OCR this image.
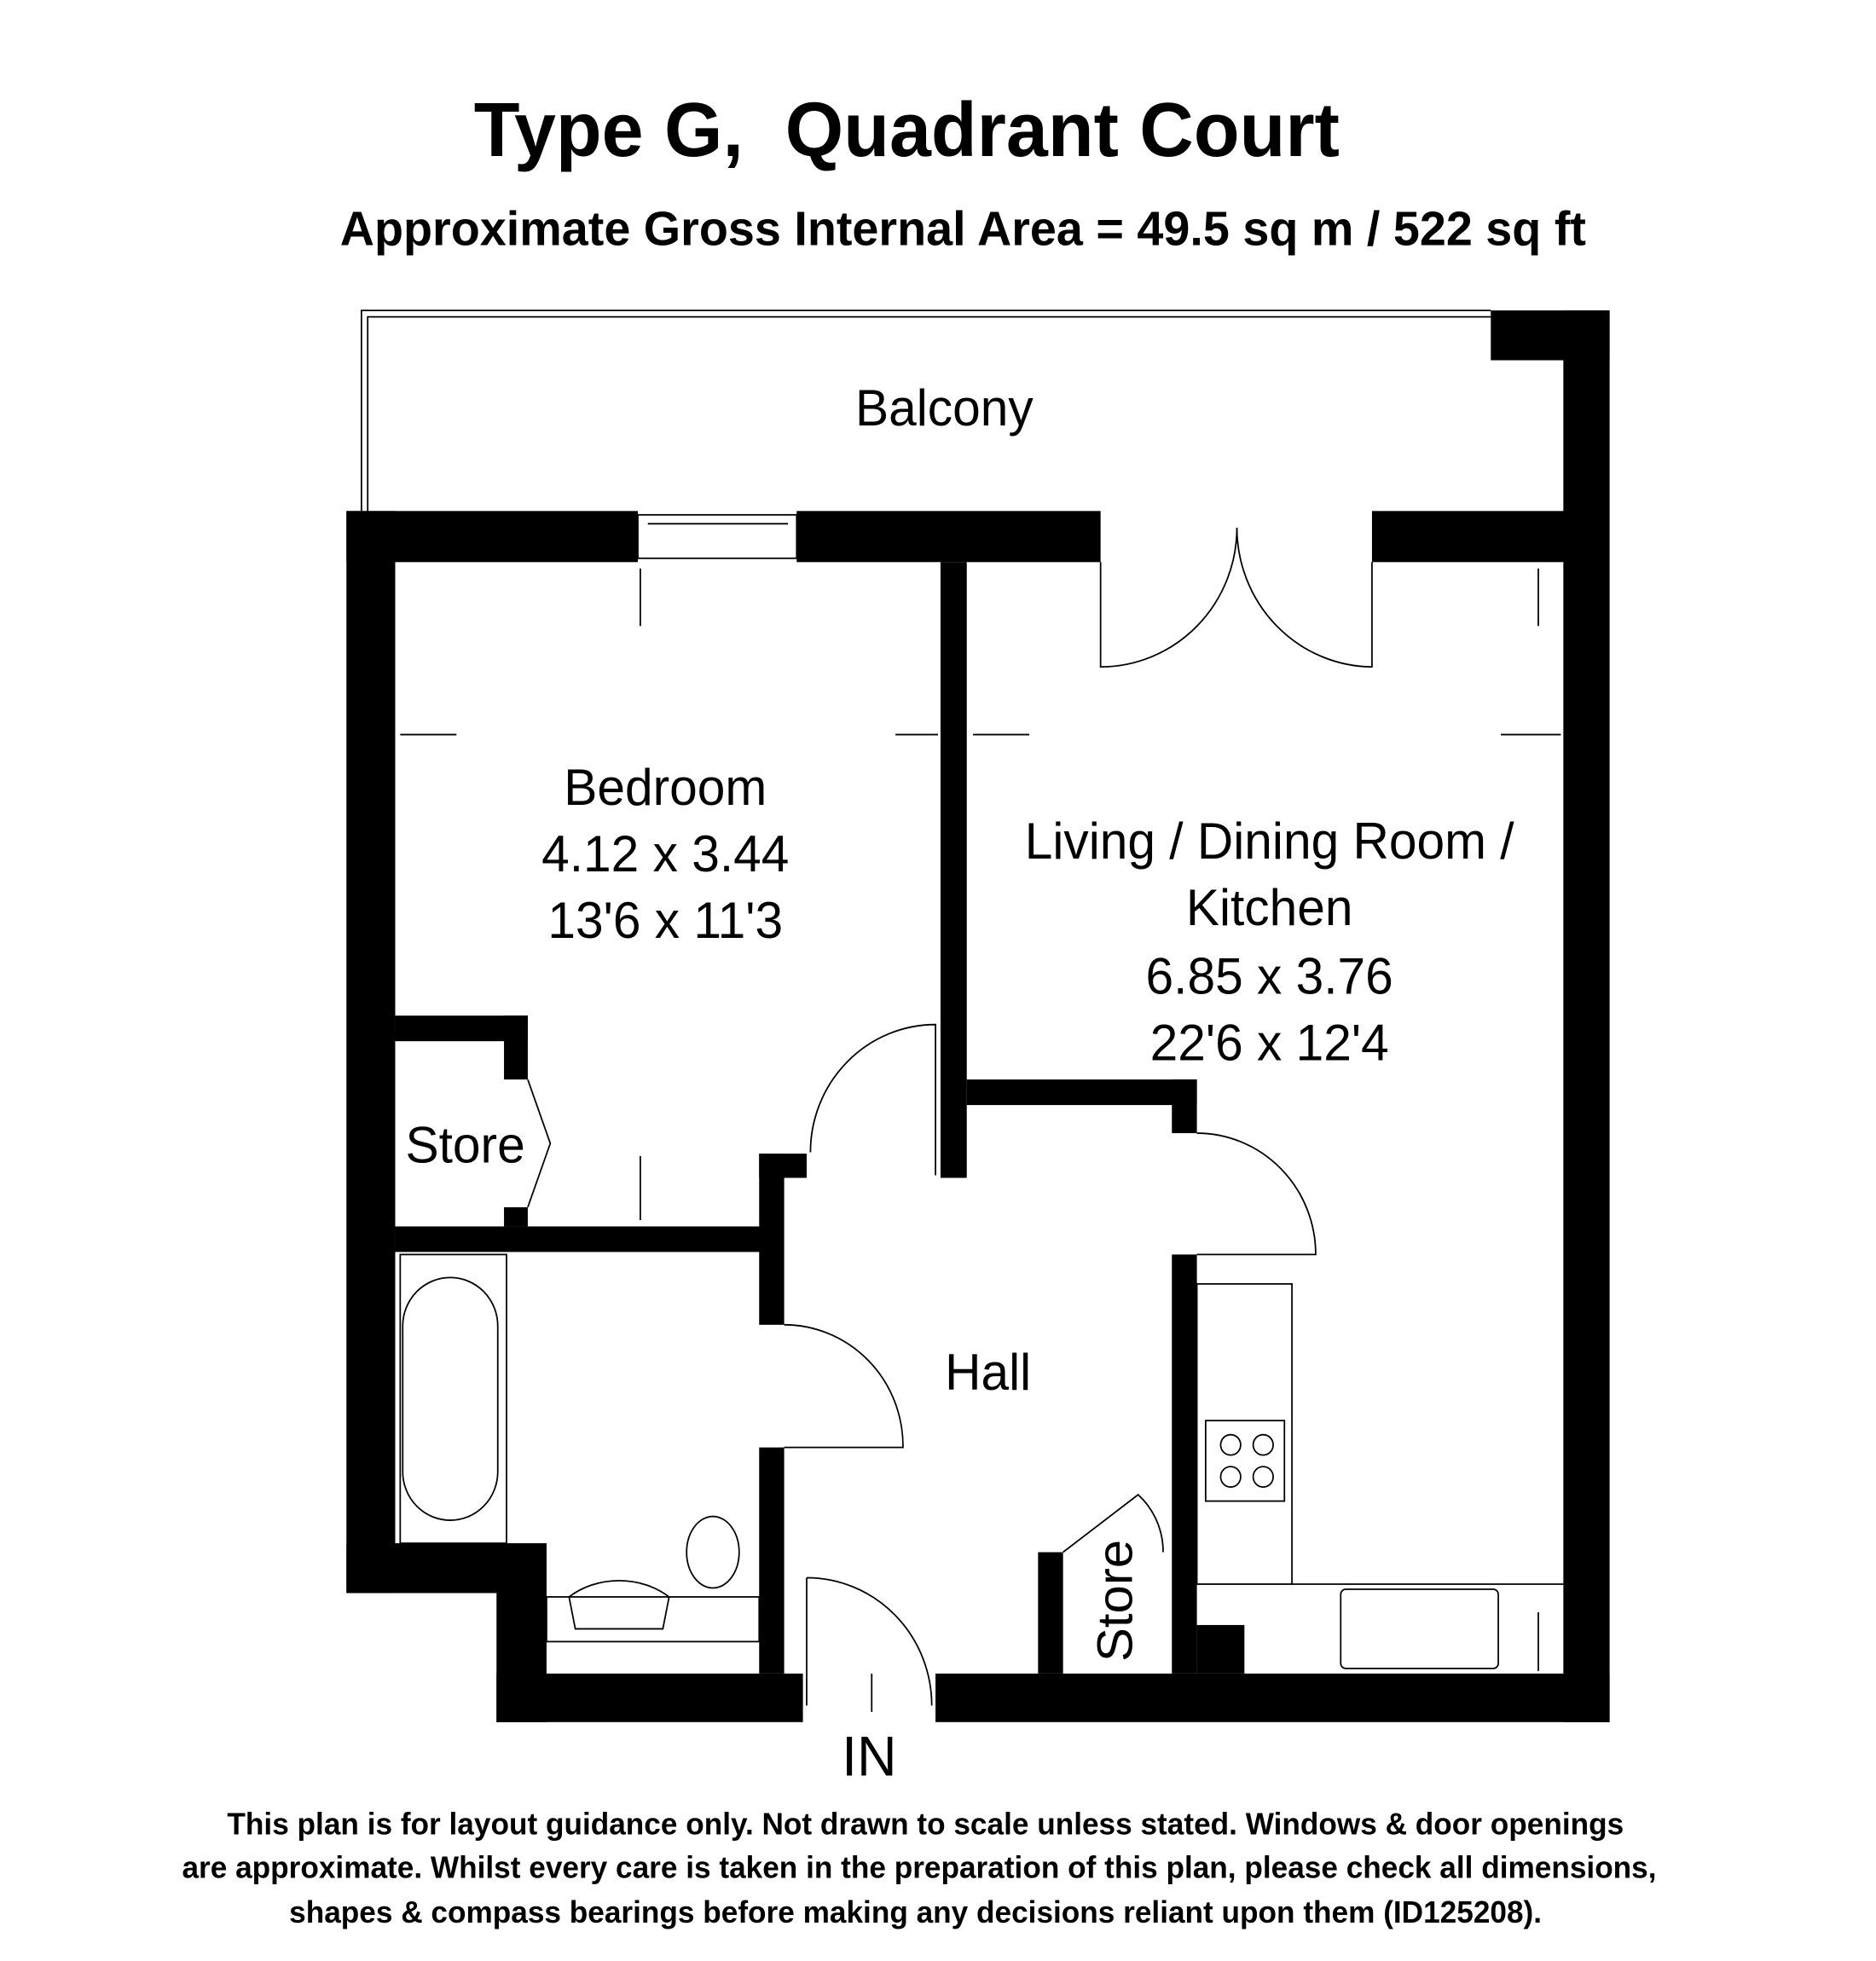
Type G,  Quadrant Court
Approximate Gross Internal Area = 49.5 sq m / 522 sq ft
Balcony
Bedroom
4.12 x 3.44
13'6 x 11'3
Living / Dining Room /
Kitchen
6.85 x 3.76
22'6 x 12'4
Store
Hall
Store
IN
This plan is for layout guidance only. Not drawn to scale unless stated. Windows & door openings
are approximate. Whilst every care is taken in the preparation of this plan, please check all dimensions,
shapes & compass bearings before making any decisions reliant upon them (ID125208).
